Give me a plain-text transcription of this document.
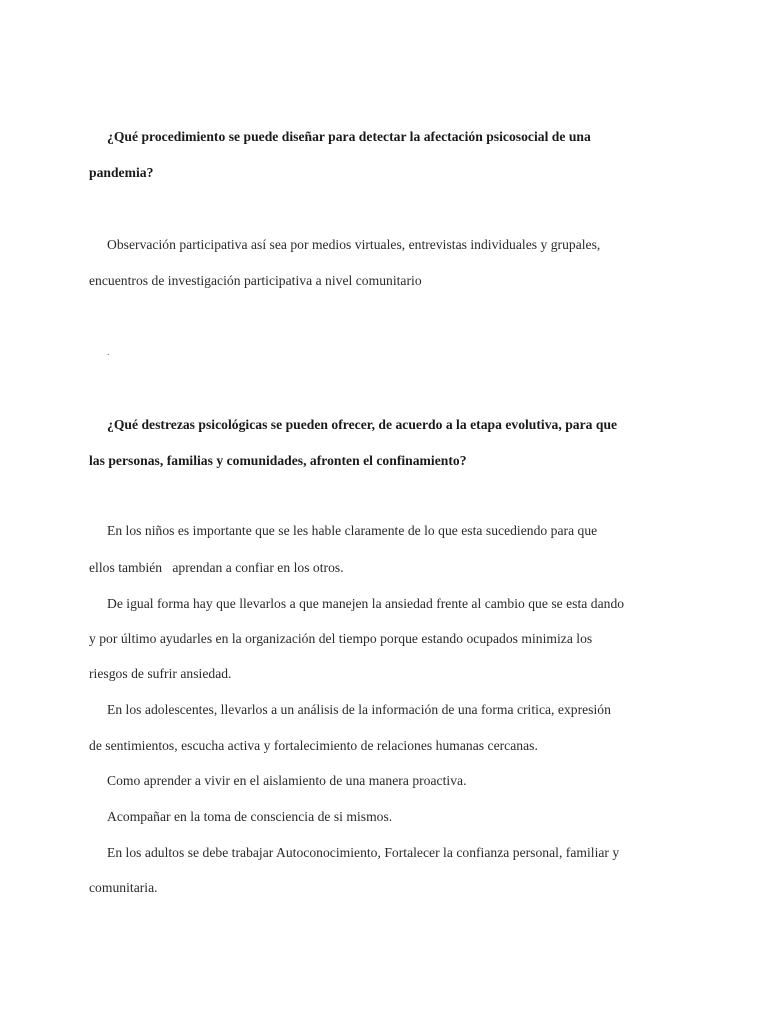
¿Qué procedimiento se puede diseñar para detectar la afectación psicosocial de una
pandemia?
Observación participativa así sea por medios virtuales, entrevistas individuales y grupales,
encuentros de investigación participativa a nivel comunitario
.
¿Qué destrezas psicológicas se pueden ofrecer, de acuerdo a la etapa evolutiva, para que
las personas, familias y comunidades, afronten el confinamiento?
En los niños es importante que se les hable claramente de lo que esta sucediendo para que
ellos también   aprendan a confiar en los otros.
De igual forma hay que llevarlos a que manejen la ansiedad frente al cambio que se esta dando
y por último ayudarles en la organización del tiempo porque estando ocupados minimiza los
riesgos de sufrir ansiedad.
En los adolescentes, llevarlos a un análisis de la información de una forma critica, expresión
de sentimientos, escucha activa y fortalecimiento de relaciones humanas cercanas.
Como aprender a vivir en el aislamiento de una manera proactiva.
Acompañar en la toma de consciencia de si mismos.
En los adultos se debe trabajar Autoconocimiento, Fortalecer la confianza personal, familiar y
comunitaria.
